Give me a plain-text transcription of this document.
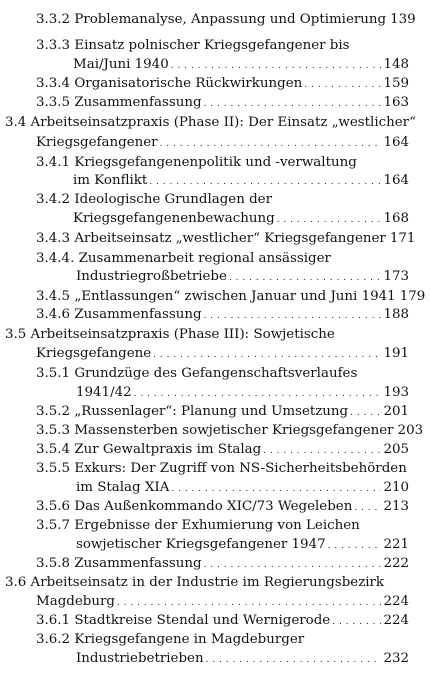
3.3.2 Problemanalyse, Anpassung und Optimierung 139
3.3.3 Einsatz polnischer Kriegsgefangener bis
Mai/Juni 1940 . . .	148
3.3.4 Organisatorische Rückwirkungen . . .	159
3.3.5 Zusammenfassung . . .	163
3.4 Arbeitseinsatzpraxis (Phase II): Der Einsatz „westlicher“
Kriegsgefangener . . .	164
3.4.1 Kriegsgefangenenpolitik und -verwaltung
im Konflikt . . .	164
3.4.2 Ideologische Grundlagen der
Kriegsgefangenenbewachung . . .	168
3.4.3 Arbeitseinsatz „westlicher“ Kriegsgefangener 171
3.4.4. Zusammenarbeit regional ansässiger
Industriegroßbetriebe . . .	173
3.4.5 „Entlassungen“ zwischen Januar und Juni 1941 179
3.4.6 Zusammenfassung . . .	188
3.5 Arbeitseinsatzpraxis (Phase III): Sowjetische
Kriegsgefangene . . .	191
3.5.1 Grundzüge des Gefangenschaftsverlaufes
1941/42 . . .	193
3.5.2 „Russenlager“: Planung und Umsetzung . . .	201
3.5.3 Massensterben sowjetischer Kriegsgefangener 203
3.5.4 Zur Gewaltpraxis im Stalag . . .	205
3.5.5 Exkurs: Der Zugriff von NS-Sicherheitsbehörden
im Stalag XIA . . .	210
3.5.6 Das Außenkommando XIC/73 Wegeleben . . . 213
3.5.7 Ergebnisse der Exhumierung von Leichen
sowjetischer Kriegsgefangener 1947 . . .	221
3.5.8 Zusammenfassung . . .	222
3.6 Arbeitseinsatz in der Industrie im Regierungsbezirk
Magdeburg . . .	224
3.6.1 Stadtkreise Stendal und Wernigerode . . .	224
3.6.2 Kriegsgefangene in Magdeburger
Industriebetrieben . . .	232
